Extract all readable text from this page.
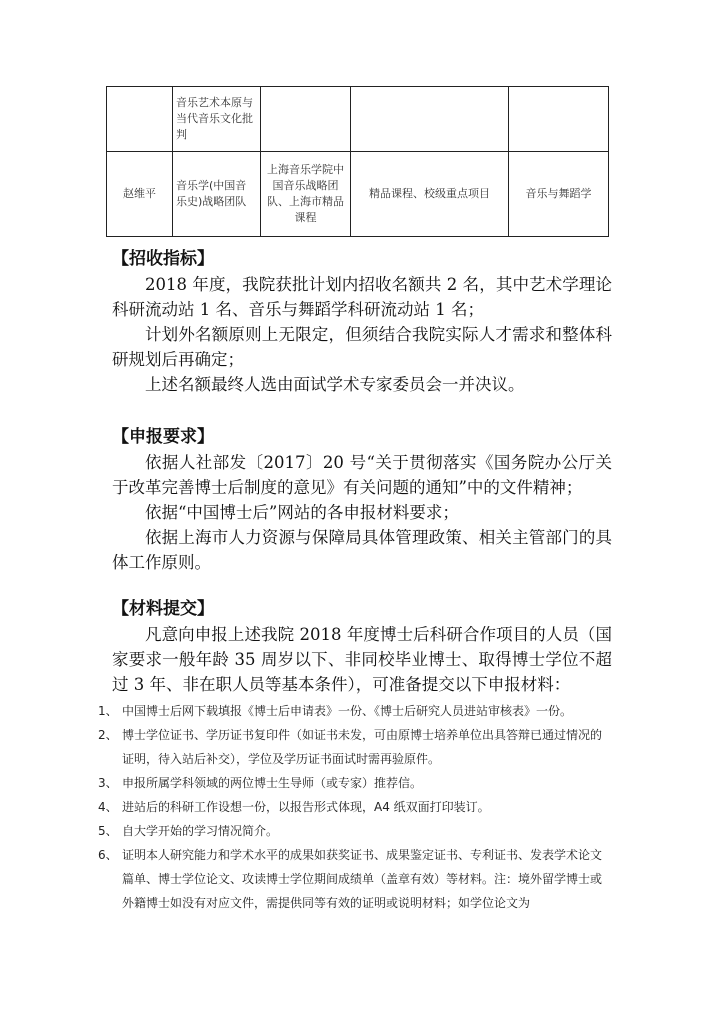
	音乐艺术本原与当代音乐文化批判			
赵维平	音乐学(中国音乐史)战略团队	上海音乐学院中国音乐战略团队、上海市精品课程	精品课程、校级重点项目	音乐与舞蹈学
【招收指标】

2018 年度，我院获批计划内招收名额共 2 名，其中艺术学理论科研流动站 1 名、音乐与舞蹈学科研流动站 1 名；

计划外名额原则上无限定，但须结合我院实际人才需求和整体科研规划后再确定；

上述名额最终人选由面试学术专家委员会一并决议。

【申报要求】

依据人社部发〔2017〕20 号“关于贯彻落实《国务院办公厅关于改革完善博士后制度的意见》有关问题的通知”中的文件精神；

依据“中国博士后”网站的各申报材料要求；

依据上海市人力资源与保障局具体管理政策、相关主管部门的具体工作原则。

【材料提交】

凡意向申报上述我院 2018 年度博士后科研合作项目的人员（国家要求一般年龄 35 周岁以下、非同校毕业博士、取得博士学位不超过 3 年、非在职人员等基本条件），可准备提交以下申报材料：

1、 中国博士后网下载填报《博士后申请表》一份、《博士后研究人员进站审核表》一份。
2、 博士学位证书、学历证书复印件（如证书未发，可由原博士培养单位出具答辩已通过情况的证明，待入站后补交），学位及学历证书面试时需再验原件。
3、 申报所属学科领域的两位博士生导师（或专家）推荐信。
4、 进站后的科研工作设想一份，以报告形式体现，A4 纸双面打印装订。
5、 自大学开始的学习情况简介。
6、 证明本人研究能力和学术水平的成果如获奖证书、成果鉴定证书、专利证书、发表学术论文篇单、博士学位论文、攻读博士学位期间成绩单（盖章有效）等材料。注：境外留学博士或外籍博士如没有对应文件，需提供同等有效的证明或说明材料；如学位论文为
